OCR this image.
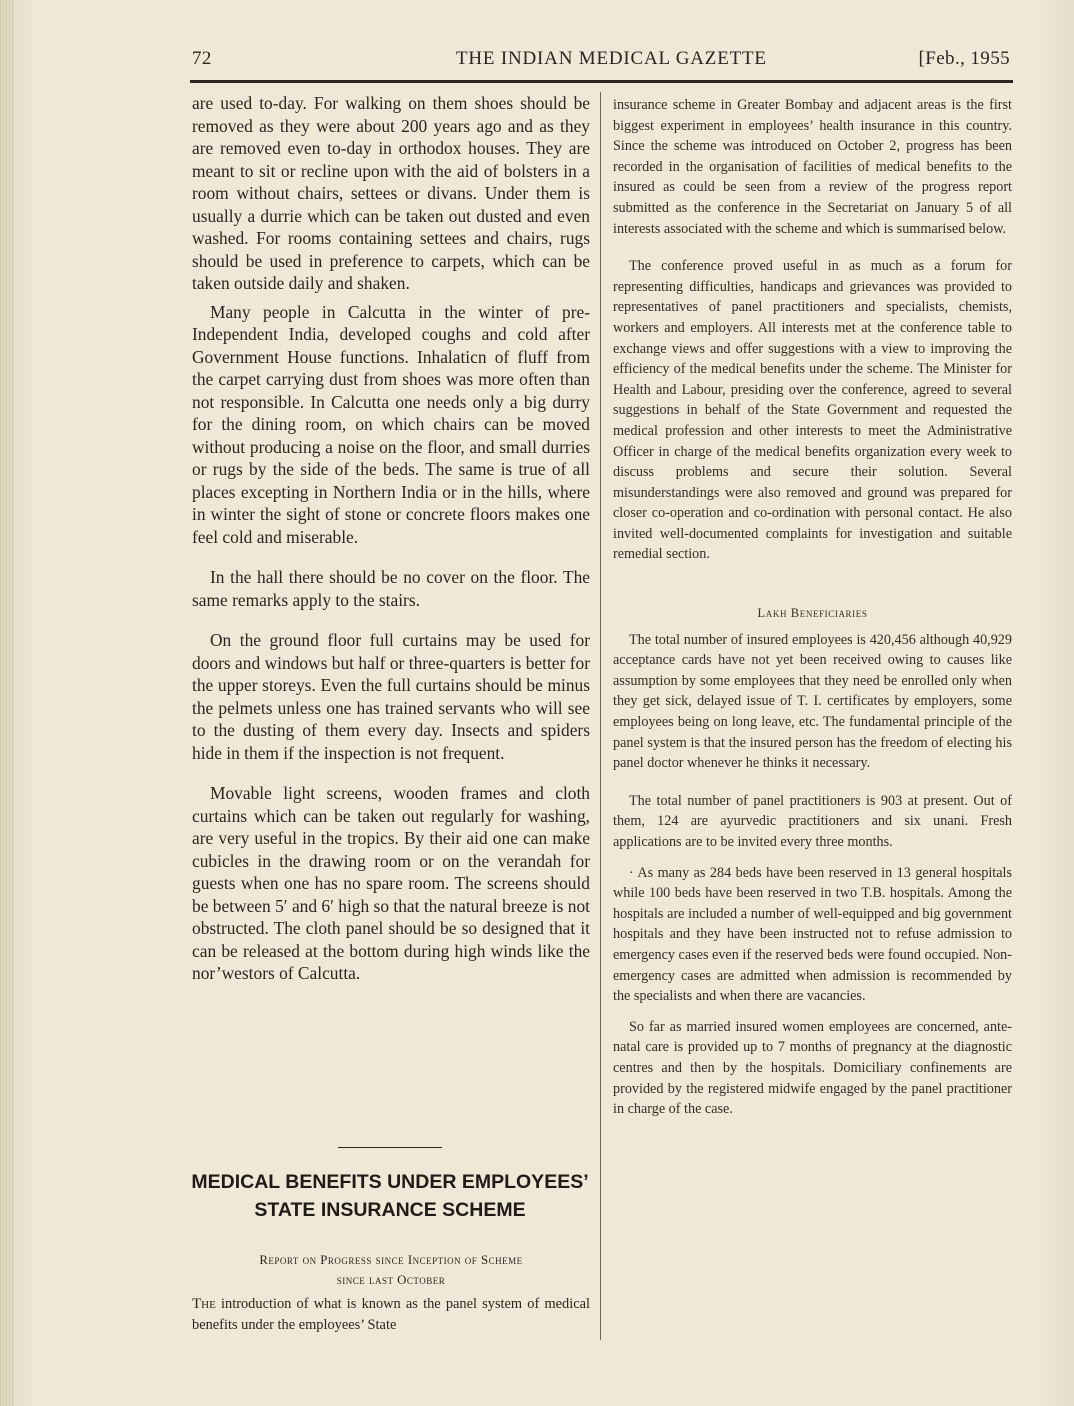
72	THE INDIAN MEDICAL GAZETTE	[Feb., 1955

are used to-day. For walking on them shoes should be removed as they were about 200 years ago and as they are removed even to-day in orthodox houses. They are meant to sit or recline upon with the aid of bolsters in a room without chairs, settees or divans. Under them is usually a durrie which can be taken out dusted and even washed. For rooms containing settees and chairs, rugs should be used in preference to carpets, which can be taken outside daily and shaken.

Many people in Calcutta in the winter of pre-Independent India, developed coughs and cold after Government House functions. Inhalaticn of fluff from the carpet carrying dust from shoes was more often than not responsible. In Calcutta one needs only a big durry for the dining room, on which chairs can be moved without producing a noise on the floor, and small durries or rugs by the side of the beds. The same is true of all places excepting in Northern India or in the hills, where in winter the sight of stone or concrete floors makes one feel cold and miserable.

In the hall there should be no cover on the floor. The same remarks apply to the stairs.

On the ground floor full curtains may be used for doors and windows but half or three-quarters is better for the upper storeys. Even the full curtains should be minus the pelmets unless one has trained servants who will see to the dusting of them every day. Insects and spiders hide in them if the inspection is not frequent.

Movable light screens, wooden frames and cloth curtains which can be taken out regularly for washing, are very useful in the tropics. By their aid one can make cubicles in the drawing room or on the verandah for guests when one has no spare room. The screens should be between 5′ and 6′ high so that the natural breeze is not obstructed. The cloth panel should be so designed that it can be released at the bottom during high winds like the nor’westors of Calcutta.

MEDICAL BENEFITS UNDER EMPLOYEES’ STATE INSURANCE SCHEME
Report on Progress since Inception of Scheme
since last October
The introduction of what is known as the panel system of medical benefits under the employees’ State

insurance scheme in Greater Bombay and adjacent areas is the first biggest experiment in employees’ health insurance in this country. Since the scheme was introduced on October 2, progress has been recorded in the organisation of facilities of medical benefits to the insured as could be seen from a review of the progress report submitted as the conference in the Secretariat on January 5 of all interests associated with the scheme and which is summarised below.

The conference proved useful in as much as a forum for representing difficulties, handicaps and grievances was provided to representatives of panel practitioners and specialists, chemists, workers and employers. All interests met at the conference table to exchange views and offer suggestions with a view to improving the efficiency of the medical benefits under the scheme. The Minister for Health and Labour, presiding over the conference, agreed to several suggestions in behalf of the State Government and requested the medical profession and other interests to meet the Administrative Officer in charge of the medical benefits organization every week to discuss problems and secure their solution. Several misunderstandings were also removed and ground was prepared for closer co-operation and co-ordination with personal contact. He also invited well-documented complaints for investigation and suitable remedial section.

Lakh Beneficiaries

The total number of insured employees is 420,456 although 40,929 acceptance cards have not yet been received owing to causes like assumption by some employees that they need be enrolled only when they get sick, delayed issue of T. I. certificates by employers, some employees being on long leave, etc. The fundamental principle of the panel system is that the insured person has the freedom of electing his panel doctor whenever he thinks it necessary.

The total number of panel practitioners is 903 at present. Out of them, 124 are ayurvedic practitioners and six unani. Fresh applications are to be invited every three months.

· As many as 284 beds have been reserved in 13 general hospitals while 100 beds have been reserved in two T.B. hospitals. Among the hospitals are included a number of well-equipped and big government hospitals and they have been instructed not to refuse admission to emergency cases even if the reserved beds were found occupied. Non-emergency cases are admitted when admission is recommended by the specialists and when there are vacancies.

So far as married insured women employees are concerned, ante-natal care is provided up to 7 months of pregnancy at the diagnostic centres and then by the hospitals. Domiciliary confinements are provided by the registered midwife engaged by the panel practitioner in charge of the case.
